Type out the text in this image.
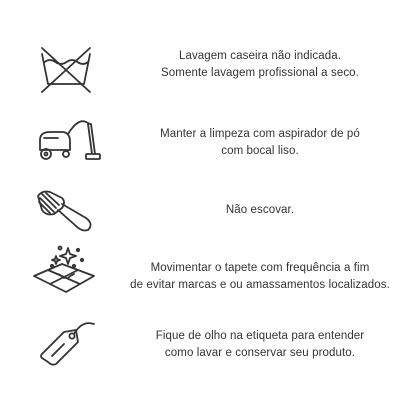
Lavagem caseira não indicada.
Somente lavagem profissional a seco.
Manter a limpeza com aspirador de pó
com bocal liso.
Não escovar.
Movimentar o tapete com frequência a fim
de evitar marcas e ou amassamentos localizados.
Fique de olho na etiqueta para entender
como lavar e conservar seu produto.
